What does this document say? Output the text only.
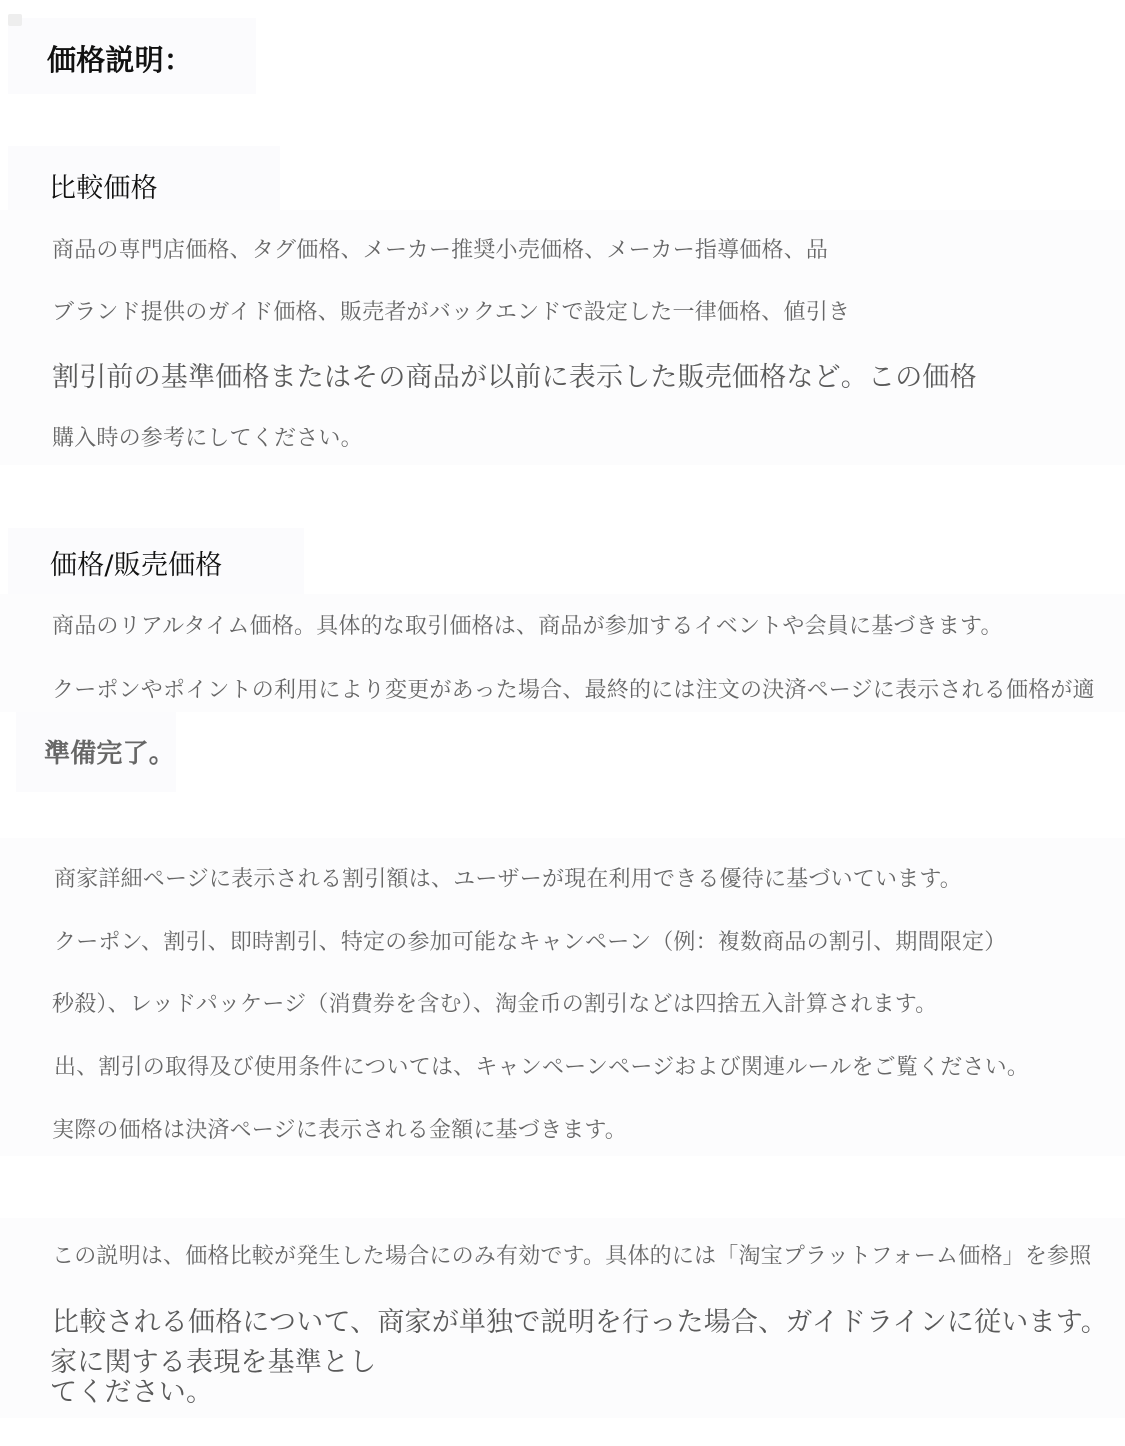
価格説明：
比較価格
商品の専門店価格、タグ価格、メーカー推奨小売価格、メーカー指導価格、品
ブランド提供のガイド価格、販売者がバックエンドで設定した一律価格、値引き
割引前の基準価格またはその商品が以前に表示した販売価格など。この価格
購入時の参考にしてください。
価格/販売価格
商品のリアルタイム価格。具体的な取引価格は、商品が参加するイベントや会員に基づきます。
クーポンやポイントの利用により変更があった場合、最終的には注文の決済ページに表示される価格が適
準備完了。
商家詳細ページに表示される割引額は、ユーザーが現在利用できる優待に基づいています。
クーポン、割引、即時割引、特定の参加可能なキャンペーン（例：複数商品の割引、期間限定）
秒殺）、レッドパッケージ（消費券を含む）、淘金币の割引などは四捨五入計算されます。
出、割引の取得及び使用条件については、キャンペーンページおよび関連ルールをご覧ください。
実際の価格は決済ページに表示される金額に基づきます。
この説明は、価格比較が発生した場合にのみ有効です。具体的には「淘宝プラットフォーム価格」を参照
比較される価格について、商家が単独で説明を行った場合、ガイドラインに従います。
家に関する表現を基準とし
てください。
